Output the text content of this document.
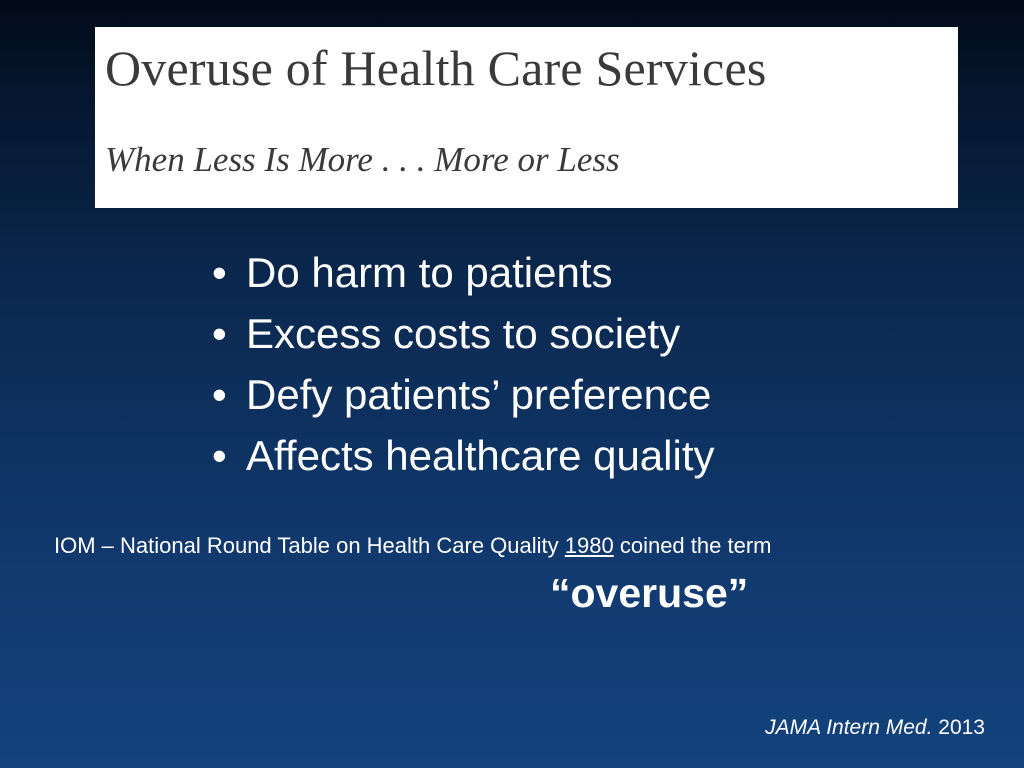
Overuse of Health Care Services
When Less Is More . . . More or Less
• Do harm to patients
• Excess costs to society
• Defy patients’ preference
• Affects healthcare quality
IOM – National Round Table on Health Care Quality 1980 coined the term
“overuse”
JAMA Intern Med. 2013
